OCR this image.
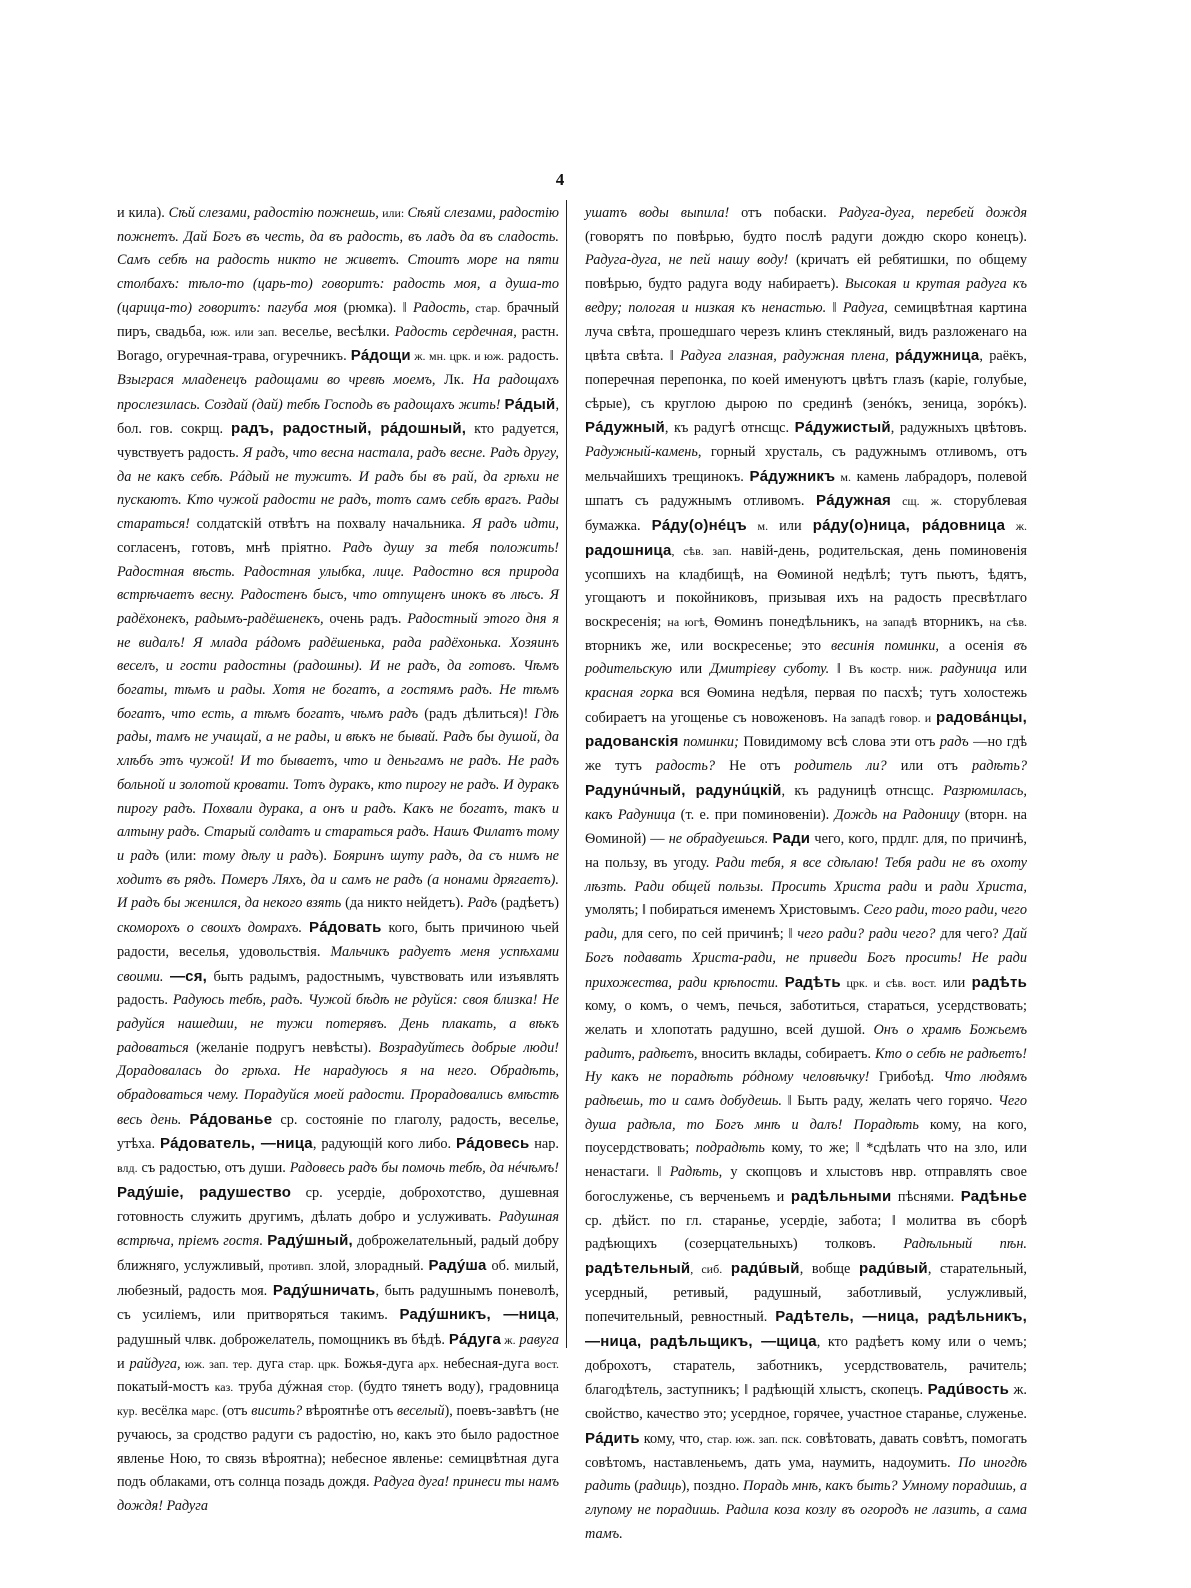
4

и кила). Сѣй слезами, радостію пожнешь, или: Сѣяй слезами, радостію пожнетъ. Дай Богъ въ честь, да въ радость, въ ладъ да въ сладость. Самъ себѣ на радость никто не живетъ. Стоитъ море на пяти столбахъ: тѣло-то (царь-то) говоритъ: радость моя, а душа-то (царица-то) говоритъ: пагуба моя (рюмка). ‖ Радость, стар. брачный пиръ, свадьба, юж. или зап. веселье, весѣлки. Радость сердечная, растн. Borago, огуречная-трава, огуречникъ. Рáдощи ж. мн. црк. и юж. радость. Взыграся младенецъ радощами во чревѣ моемъ, Лк. На радощахъ прослезилась. Создай (дай) тебѣ Господь въ радощахъ жить! Рáдый, бол. гов. сокрщ. радъ, радостный, рáдошный, кто радуется, чувствуетъ радость. Я радъ, что весна настала, радъ весне. Радъ другу, да не какъ себѣ. Рáдый не тужитъ. И радъ бы въ рай, да грѣхи не пускаютъ. Кто чужой радости не радъ, тотъ самъ себѣ врагъ. Рады стараться! солдатскій отвѣтъ на похвалу начальника. Я радъ идти, согласенъ, готовъ, мнѣ пріятно. Радъ душу за тебя положить! Радостная вѣсть. Радостная улыбка, лице. Радостно вся природа встрѣчаетъ весну. Радостенъ бысъ, что отпущенъ инокъ въ лѣсъ. Я радёхонекъ, радымъ-радёшенекъ, очень радъ. Радостный этого дня я не видалъ! Я млада рáдомъ радёшенька, рада радёхонька. Хозяинъ веселъ, и гости радостны (радошны). И не радъ, да готовъ. Чѣмъ богаты, тѣмъ и рады. Хотя не богатъ, а гостямъ радъ. Не тѣмъ богатъ, что есть, а тѣмъ богатъ, чѣмъ радъ (радъ дѣлиться)! Гдѣ рады, тамъ не учащай, а не рады, и вѣкъ не бывай. Радъ бы душой, да хлѣбъ этъ чужой! И то бываетъ, что и деньгамъ не радъ. Не радъ больной и золотой кровати. Тотъ дуракъ, кто пирогу не радъ. И дуракъ пирогу радъ. Похвали дурака, а онъ и радъ. Какъ не богатъ, такъ и алтыну радъ. Старый солдатъ и стараться радъ. Нашъ Филатъ тому и радъ (или: тому дѣлу и радъ). Бояринъ шуту радъ, да съ нимъ не ходитъ въ рядъ. Померъ Ляхъ, да и самъ не радъ (а нонами дрягаетъ). И радъ бы женился, да некого взять (да никто нейдетъ). Радъ (радѣетъ) скоморохъ о своихъ домрахъ. Рáдовать кого, быть причиною чьей радости, веселья, удовольствія. Мальчикъ радуетъ меня успѣхами своими. —ся, быть радымъ, радостнымъ, чувствовать или изъявлять радость. Радуюсь тебѣ, радъ. Чужой бѣдѣ не рдуйся: своя близка! Не радуйся нашедши, не тужи потерявъ. День плакать, а вѣкъ радоваться (желаніе подругъ невѣсты). Возрадуйтесь добрые люди! Дорадовалась до грѣха. Не нарадуюсь я на него. Обрадѣть, обрадоваться чему. Порадуйся моей радости. Прорадовались вмѣстѣ весь день. Рáдованье ср. состояніе по глаголу, радость, веселье, утѣха. Рáдователь, —ница, радующій кого либо. Рáдовесь нар. влд. съ радостью, отъ души. Радовесь радъ бы помочь тебѣ, да нéчѣмъ! Радýшіе, радушество ср. усердіе, доброхотство, душевная готовность служить другимъ, дѣлать добро и услуживать. Радушная встрѣча, пріемъ гостя. Радýшный, доброжелательный, радый добру ближняго, услужливый, противп. злой, злорадный. Радýша об. милый, любезный, радость моя. Радýшничать, быть радушнымъ поневолѣ, съ усиліемъ, или притворяться такимъ. Радýшникъ, —ница, радушный члвк. доброжелатель, помощникъ въ бѣдѣ. Рáдуга ж. равуга и райдуга, юж. зап. тер. дуга стар. црк. Божья-дуга арх. небесная-дуга вост. покатый-мостъ каз. труба дýжная стор. (будто тянетъ воду), градовница кур. весёлка марс. (отъ висить? вѣроятнѣе отъ веселый), поевъ-завѣтъ (не ручаюсь, за сродство радуги съ радостію, но, какъ это было радостное явленье Ною, то связь вѣроятна); небесное явленье: семицвѣтная дуга подъ облаками, отъ солнца позадь дождя. Радуга дуга! принеси ты намъ дождя! Радуга

ушатъ воды выпила! отъ побаски. Радуга-дуга, перебей дождя (говорятъ по повѣрью, будто послѣ радуги дождю скоро конецъ). Радуга-дуга, не пей нашу воду! (кричатъ ей ребятишки, по общему повѣрью, будто радуга воду набираетъ). Высокая и крутая радуга къ ведру; пологая и низкая къ ненастью. ‖ Радуга, семицвѣтная картина луча свѣта, прошедшаго черезъ клинъ стекляный, видъ разложенаго на цвѣта свѣта. ‖ Радуга глазная, радужная плена, рáдужница, раёкъ, поперечная перепонка, по коей именуютъ цвѣтъ глазъ (каріе, голубые, сѣрые), съ круглою дырою по срединѣ (зенóкъ, зеница, зорóкъ). Рáдужный, къ радугѣ отнсщс. Рáдужистый, радужныхъ цвѣтовъ. Радужный-камень, горный хрусталь, съ радужнымъ отливомъ, отъ мельчайшихъ трещинокъ. Рáдужникъ м. камень лабрадоръ, полевой шпатъ съ радужнымъ отливомъ. Рáдужная сщ. ж. сторублевая бумажка. Рáду(о)нéцъ м. или рáду(о)ница, рáдовница ж. радошница, сѣв. зап. навій-день, родительская, день поминовенія усопшихъ на кладбищѣ, на Ѳоминой недѣлѣ; тутъ пьютъ, ѣдятъ, угощаютъ и покойниковъ, призывая ихъ на радость пресвѣтлаго воскресенія; на югѣ, Ѳоминъ понедѣльникъ, на западѣ вторникъ, на сѣв. вторникъ же, или воскресенье; это весинія поминки, а осенія въ родительскую или Дмитріеву суботу. ‖ Въ костр. ниж. радуница или красная горка вся Ѳомина недѣля, первая по пасхѣ; тутъ холостежь собираетъ на угощенье съ новоженовъ. На западѣ говор. и радовáнцы, радованскія поминки; Повидимому всѣ слова эти отъ радъ —но гдѣ же тутъ радость? Не отъ родитель ли? или отъ радѣть? Радунúчный, радунúцкій, къ радуницѣ отнсщс. Разрюмилась, какъ Радуница (т. е. при поминовеніи). Дождь на Радоницу (вторн. на Ѳоминой) — не обрадуешься. Ради чего, кого, прдлг. для, по причинѣ, на пользу, въ угоду. Ради тебя, я все сдѣлаю! Тебя ради не въ охоту лѣзть. Ради общей пользы. Просить Христа ради и ради Христа, умолять; ‖ побираться именемъ Христовымъ. Сего ради, того ради, чего ради, для сего, по сей причинѣ; ‖ чего ради? ради чего? для чего? Дай Богъ подавать Христа-ради, не приведи Богъ просить! Не ради прихожества, ради крѣпости. Радѣть црк. и сѣв. вост. или радѣть кому, о комъ, о чемъ, печься, заботиться, стараться, усердствовать; желать и хлопотать радушно, всей душой. Онъ о храмѣ Божьемъ радитъ, радѣетъ, вносить вклады, собираетъ. Кто о себѣ не радѣетъ! Ну какъ не порадѣть рóдному человѣчку! Грибоѣд. Что людямъ радѣешь, то и самъ добудешь. ‖ Быть раду, желать чего горячо. Чего душа радѣла, то Богъ мнѣ и далъ! Порадѣть кому, на кого, поусердствовать; подрадѣть кому, то же; ‖ *сдѣлать что на зло, или ненастаги. ‖ Радѣть, у скопцовъ и хлыстовъ нвр. отправлять свое богослуженье, съ верченьемъ и радѣльными пѣснями. Радѣнье ср. дѣйст. по гл. старанье, усердіе, забота; ‖ молитва въ сборѣ радѣющихъ (созерцательныхъ) толковъ. Радѣльный пѣн. радѣтельный, сиб. радúвый, вобще радúвый, старательный, усердный, ретивый, радушный, заботливый, услужливый, попечительный, ревностный. Радѣтель, —ница, радѣльникъ, —ница, радѣльщикъ, —щица, кто радѣетъ кому или о чемъ; доброхотъ, старатель, заботникъ, усердствователь, рачитель; благодѣтель, заступникъ; ‖ радѣющій хлыстъ, скопецъ. Радúвость ж. свойство, качество это; усердное, горячее, участное старанье, служенье. Рáдить кому, что, стар. юж. зап. пск. совѣтовать, давать совѣтъ, помогать совѣтомъ, наставленьемъ, дать ума, наумить, надоумить. По иногдѣ радить (радиць), поздно. Порадь мнѣ, какъ быть? Умному порадишь, а глупому не порадишь. Радила коза козлу въ огородъ не лазить, а сама тамъ.
